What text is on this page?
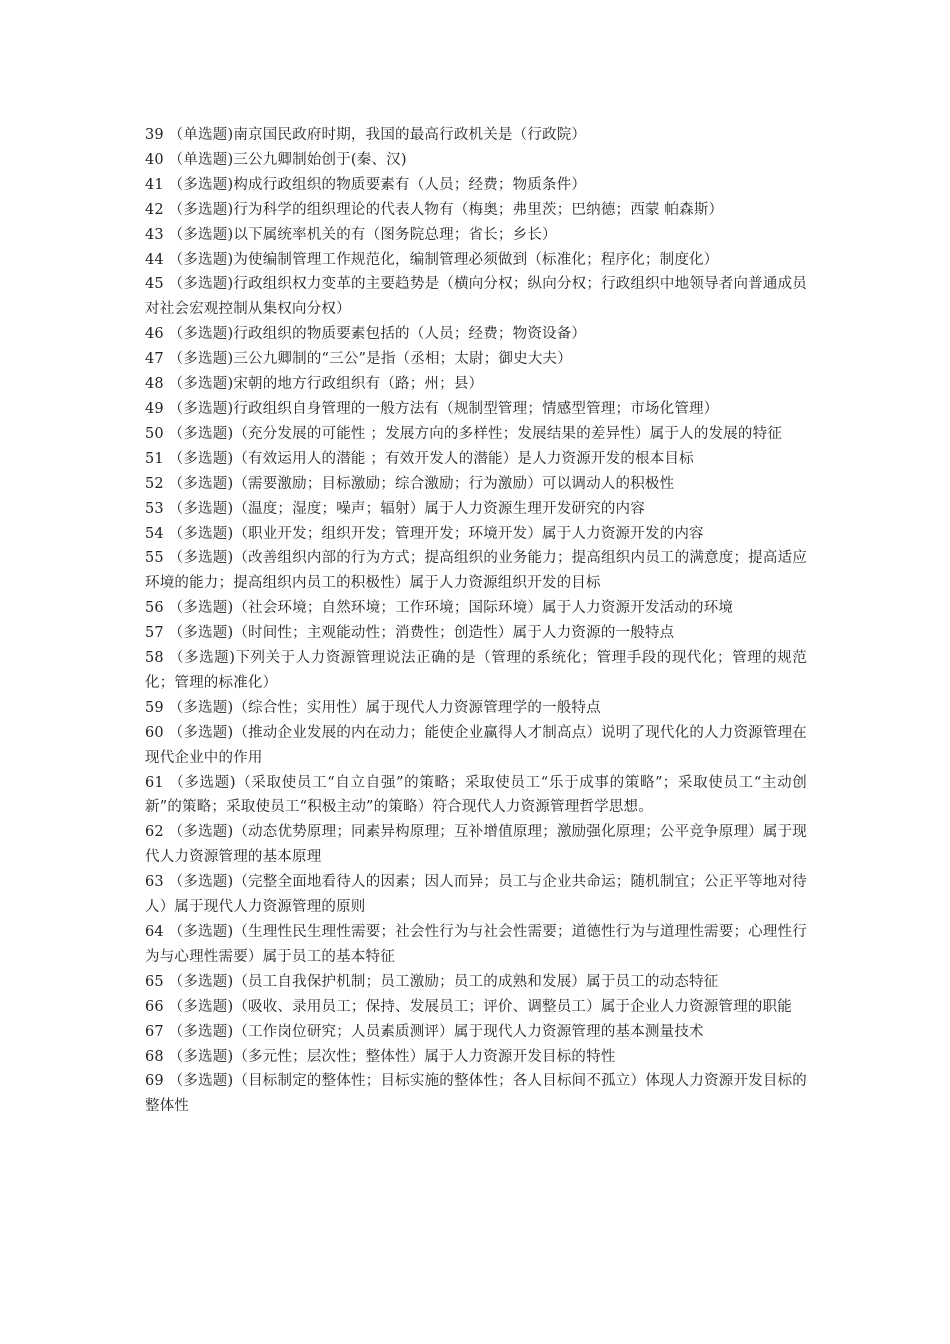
39 （单选题)南京国民政府时期，我国的最高行政机关是（行政院）

40 （单选题)三公九卿制始创于(秦、汉)

41 （多选题)构成行政组织的物质要素有（人员；经费；物质条件）

42 （多选题)行为科学的组织理论的代表人物有（梅奥；弗里茨；巴纳德；西蒙 帕森斯）

43 （多选题)以下属统率机关的有（图务院总理；省长；乡长）

44 （多选题)为使编制管理工作规范化，编制管理必须做到（标准化；程序化；制度化）

45 （多选题)行政组织权力变革的主要趋势是（横向分权；纵向分权；行政组织中地领导者向普通成员对社会宏观控制从集权向分权）

46 （多选题)行政组织的物质要素包括的（人员；经费；物资设备）

47 （多选题)三公九卿制的“三公”是指（丞相；太尉；御史大夫）

48 （多选题)宋朝的地方行政组织有（路；州；县）

49 （多选题)行政组织自身管理的一般方法有（规制型管理；情感型管理；市场化管理）

50 （多选题)（充分发展的可能性 ；发展方向的多样性；发展结果的差异性）属于人的发展的特征

51 （多选题)（有效运用人的潜能 ；有效开发人的潜能）是人力资源开发的根本目标

52 （多选题)（需要激励；目标激励；综合激励；行为激励）可以调动人的积极性

53 （多选题)（温度；湿度；噪声；辐射）属于人力资源生理开发研究的内容

54 （多选题)（职业开发；组织开发；管理开发；环境开发）属于人力资源开发的内容

55 （多选题)（改善组织内部的行为方式；提高组织的业务能力；提高组织内员工的满意度；提高适应环境的能力；提高组织内员工的积极性）属于人力资源组织开发的目标

56 （多选题)（社会环境；自然环境；工作环境；国际环境）属于人力资源开发活动的环境

57 （多选题)（时间性；主观能动性；消费性；创造性）属于人力资源的一般特点

58 （多选题)下列关于人力资源管理说法正确的是（管理的系统化；管理手段的现代化；管理的规范化；管理的标准化）

59 （多选题)（综合性；实用性）属于现代人力资源管理学的一般特点

60 （多选题)（推动企业发展的内在动力；能使企业赢得人才制高点）说明了现代化的人力资源管理在现代企业中的作用

61 （多选题)（采取使员工“自立自强”的策略；采取使员工“乐于成事的策略”；采取使员工“主动创新”的策略；采取使员工“积极主动”的策略）符合现代人力资源管理哲学思想。

62 （多选题)（动态优势原理；同素异构原理；互补增值原理；激励强化原理；公平竞争原理）属于现代人力资源管理的基本原理

63 （多选题)（完整全面地看待人的因素；因人而异；员工与企业共命运；随机制宜；公正平等地对待人）属于现代人力资源管理的原则

64 （多选题)（生理性民生理性需要；社会性行为与社会性需要；道德性行为与道理性需要；心理性行为与心理性需要）属于员工的基本特征

65 （多选题)（员工自我保护机制；员工激励；员工的成熟和发展）属于员工的动态特征

66 （多选题)（吸收、录用员工；保持、发展员工；评价、调整员工）属于企业人力资源管理的职能

67 （多选题)（工作岗位研究；人员素质测评）属于现代人力资源管理的基本测量技术

68 （多选题)（多元性；层次性；整体性）属于人力资源开发目标的特性

69 （多选题)（目标制定的整体性；目标实施的整体性；各人目标间不孤立）体现人力资源开发目标的整体性
